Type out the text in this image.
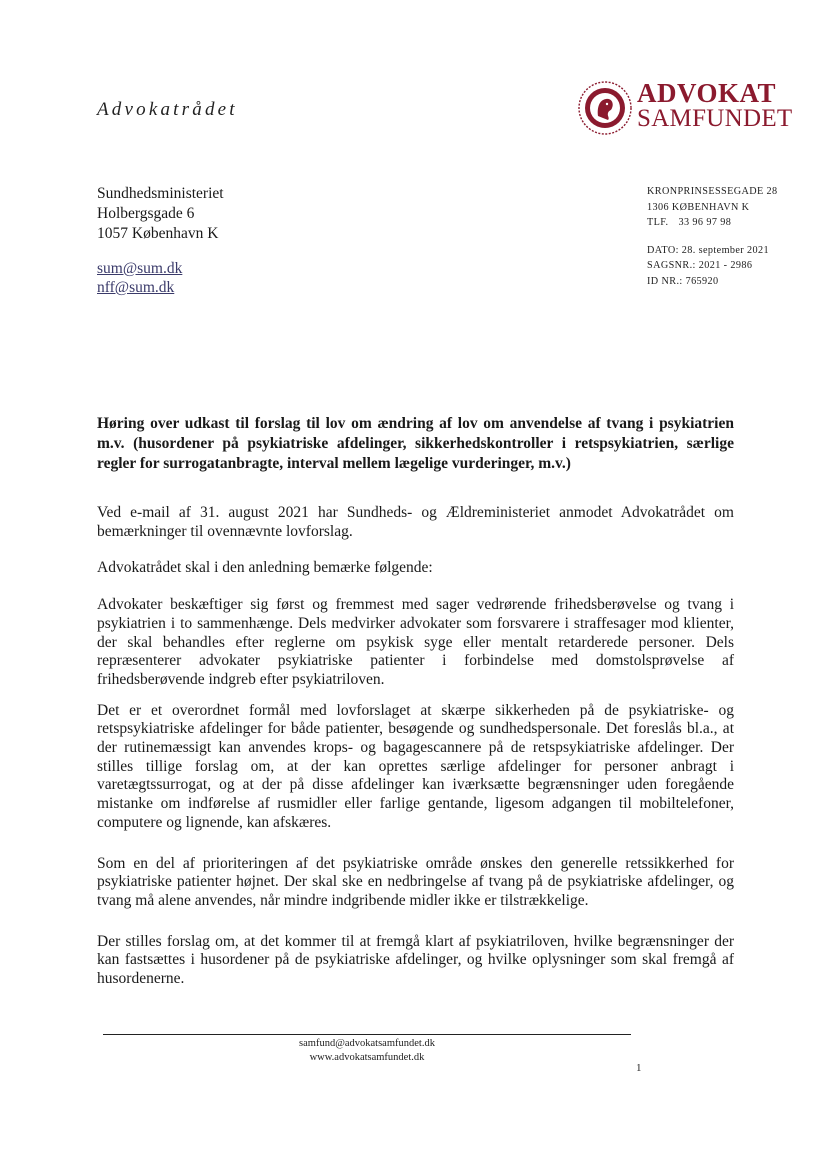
Advokatrådet
ADVOKAT
SAMFUNDET
Sundhedsministeriet
Holbergsgade 6
1057 København K
sum@sum.dk
nff@sum.dk
KRONPRINSESSEGADE 28
1306 KØBENHAVN K
TLF. 33 96 97 98
DATO: 28. september 2021
SAGSNR.: 2021 - 2986
ID NR.: 765920
Høring over udkast til forslag til lov om ændring af lov om anvendelse af tvang i psykiatrien m.v. (husordener på psykiatriske afdelinger, sikkerhedskontroller i retspsykiatrien, særlige regler for surrogatanbragte, interval mellem lægelige vurderinger, m.v.)

Ved e-mail af 31. august 2021 har Sundheds- og Ældreministeriet anmodet Advokatrådet om bemærkninger til ovennævnte lovforslag.

Advokatrådet skal i den anledning bemærke følgende:

Advokater beskæftiger sig først og fremmest med sager vedrørende frihedsberøvelse og tvang i psykiatrien i to sammenhænge. Dels medvirker advokater som forsvarere i straffesager mod klienter, der skal behandles efter reglerne om psykisk syge eller mentalt retarderede personer. Dels repræsenterer advokater psykiatriske patienter i forbindelse med domstolsprøvelse af frihedsberøvende indgreb efter psykiatriloven.

Det er et overordnet formål med lovforslaget at skærpe sikkerheden på de psykiatriske- og retspsykiatriske afdelinger for både patienter, besøgende og sundhedspersonale. Det foreslås bl.a., at der rutinemæssigt kan anvendes krops- og bagagescannere på de retspsykiatriske afdelinger. Der stilles tillige forslag om, at der kan oprettes særlige afdelinger for personer anbragt i varetægtssurrogat, og at der på disse afdelinger kan iværksætte begrænsninger uden foregående mistanke om indførelse af rusmidler eller farlige gentande, ligesom adgangen til mobiltelefoner, computere og lignende, kan afskæres.

Som en del af prioriteringen af det psykiatriske område ønskes den generelle retssikkerhed for psykiatriske patienter højnet. Der skal ske en nedbringelse af tvang på de psykiatriske afdelinger, og tvang må alene anvendes, når mindre indgribende midler ikke er tilstrækkelige.

Der stilles forslag om, at det kommer til at fremgå klart af psykiatriloven, hvilke begrænsninger der kan fastsættes i husordener på de psykiatriske afdelinger, og hvilke oplysninger som skal fremgå af husordenerne.

samfund@advokatsamfundet.dk
www.advokatsamfundet.dk
1
